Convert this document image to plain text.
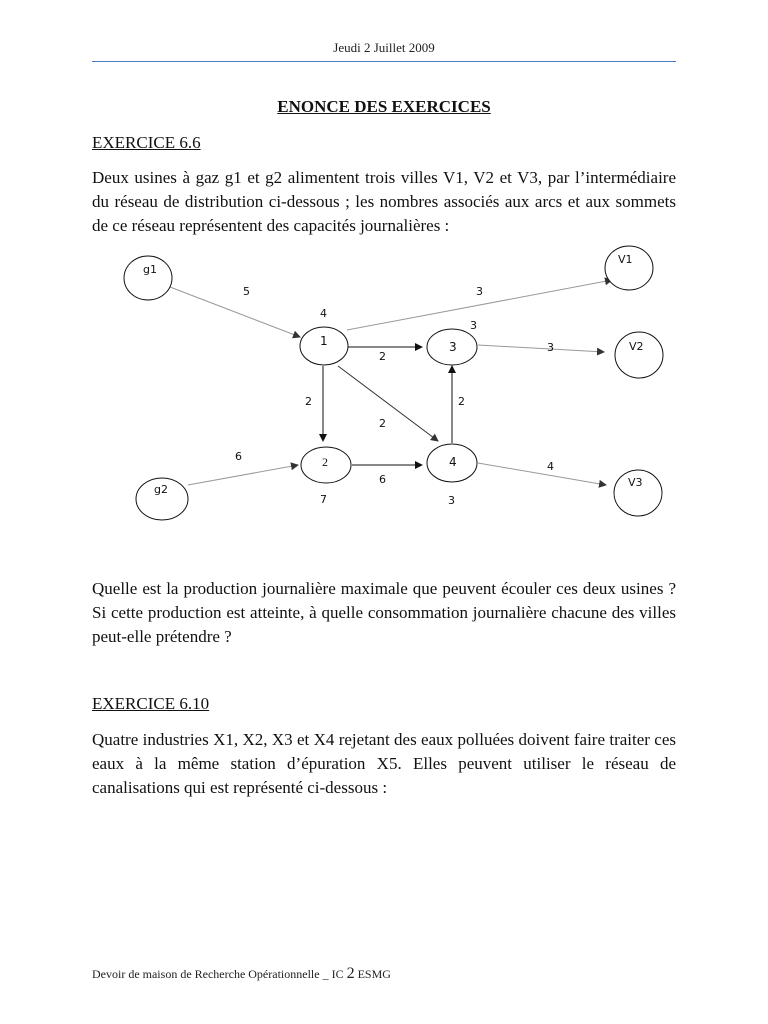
Jeudi 2 Juillet 2009
ENONCE DES EXERCICES
EXERCICE 6.6

Deux usines à gaz g1 et g2 alimentent trois villes V1, V2 et V3, par l’intermédiaire du réseau de distribution ci-dessous ; les nombres associés aux arcs et aux sommets de ce réseau représentent des capacités journalières :

g1
g2
1
2
3
4
V1
V2
V3
4
7
3
3
5
6
3
2
2
2
6
2
3
4

Quelle est la production journalière maximale que peuvent écouler ces deux usines ? Si cette production est atteinte, à quelle consommation journalière chacune des villes peut-elle prétendre ?

EXERCICE 6.10

Quatre industries X1, X2, X3 et X4 rejetant des eaux polluées doivent faire traiter ces eaux à la même station d’épuration X5. Elles peuvent utiliser le réseau de canalisations qui est représenté ci-dessous :

Devoir de maison de Recherche Opérationnelle _ IC 2 ESMG
